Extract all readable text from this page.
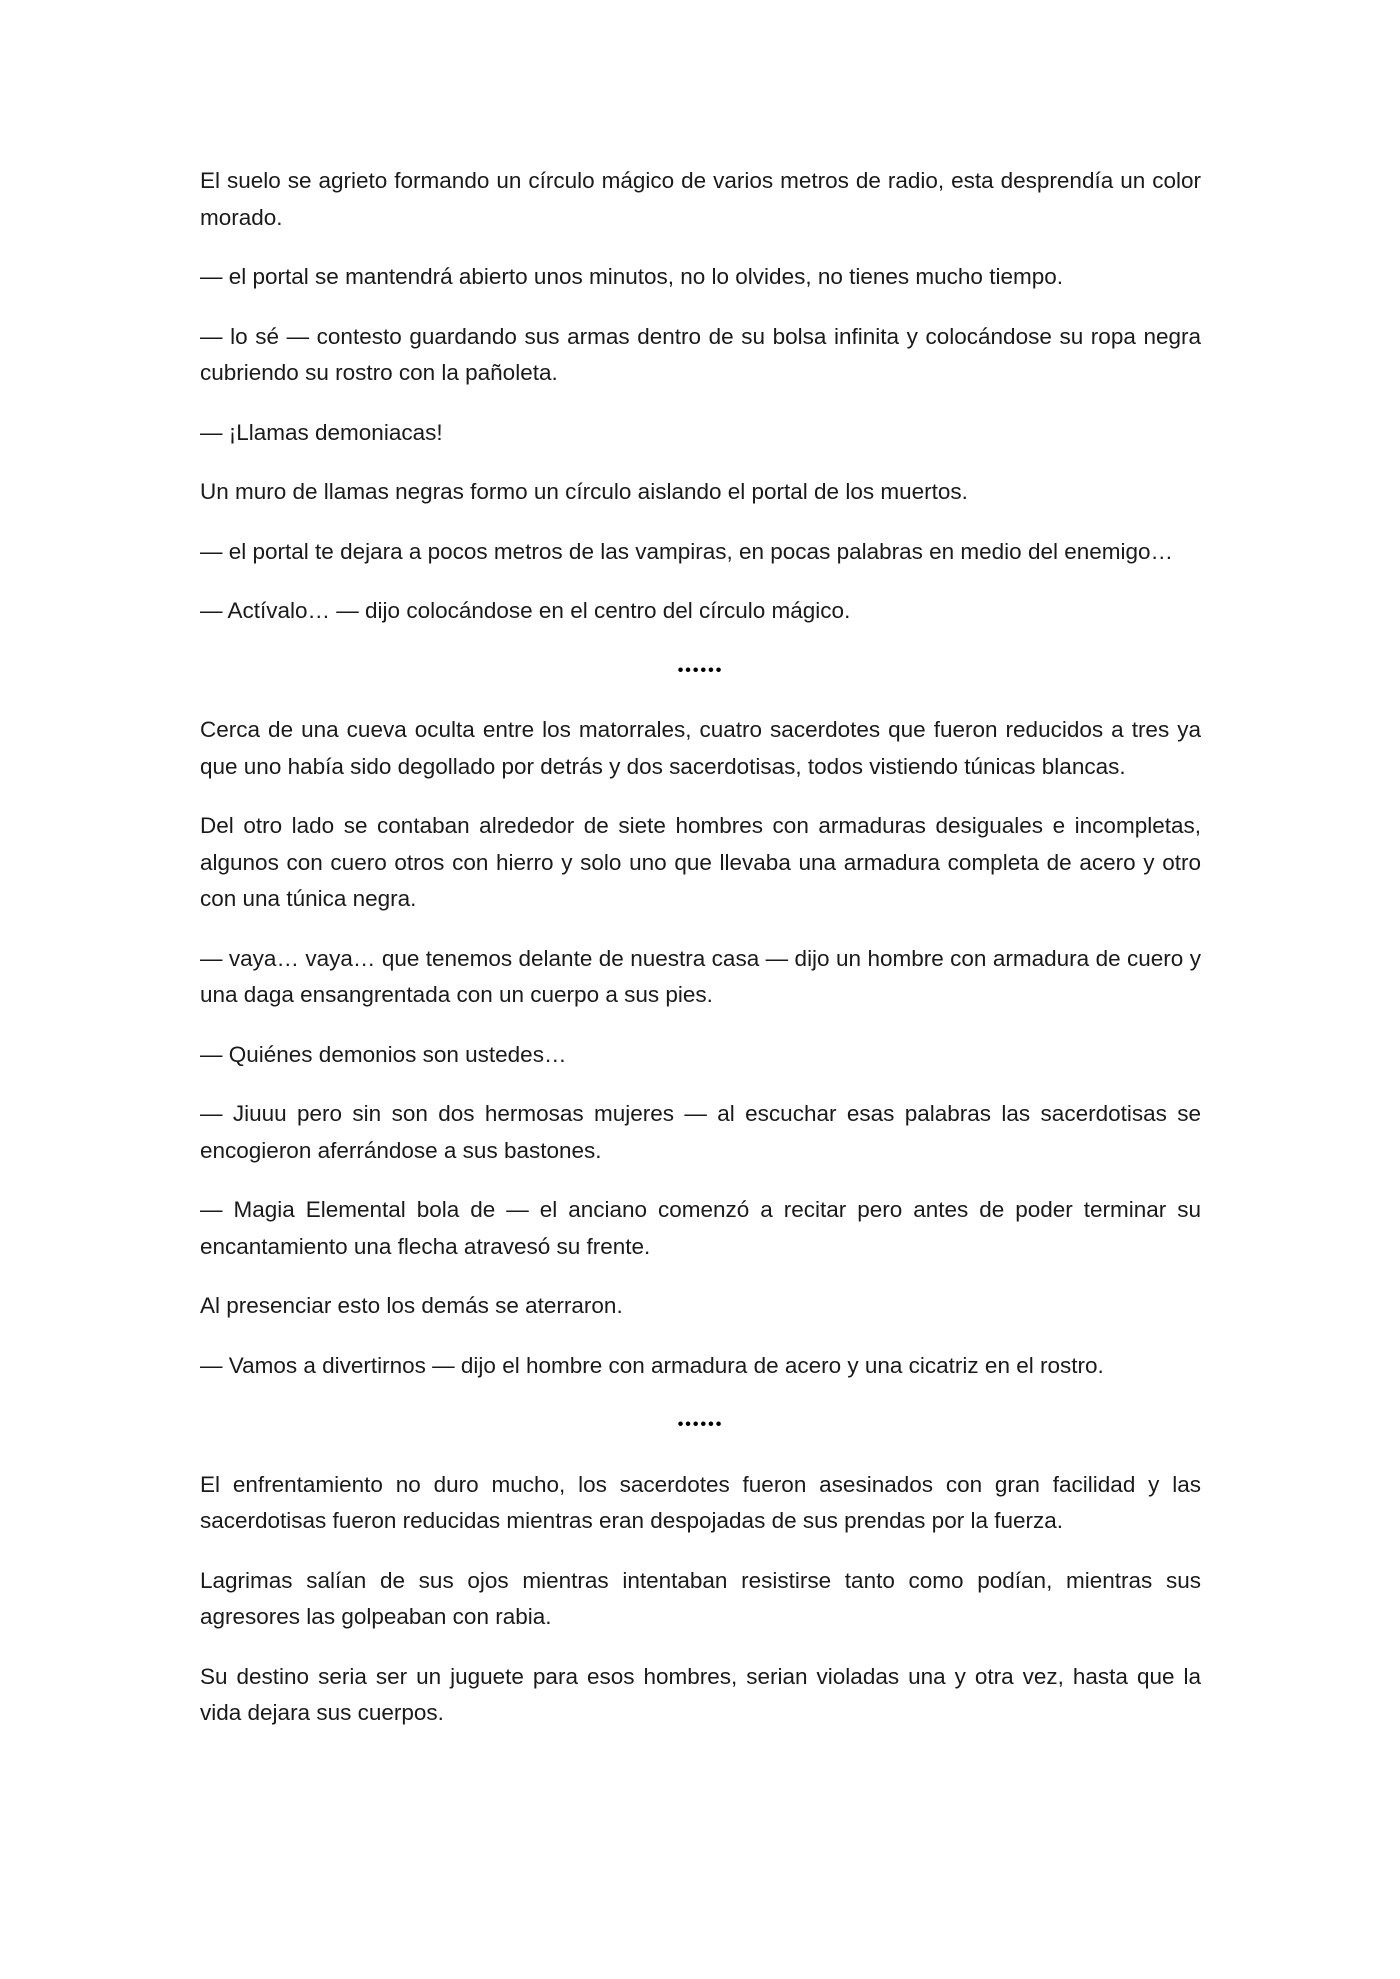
El suelo se agrieto formando un círculo mágico de varios metros de radio, esta desprendía un color morado.

— el portal se mantendrá abierto unos minutos, no lo olvides, no tienes mucho tiempo.

— lo sé — contesto guardando sus armas dentro de su bolsa infinita y colocándose su ropa negra cubriendo su rostro con la pañoleta.

— ¡Llamas demoniacas!

Un muro de llamas negras formo un círculo aislando el portal de los muertos.

— el portal te dejara a pocos metros de las vampiras, en pocas palabras en medio del enemigo…

— Actívalo… — dijo colocándose en el centro del círculo mágico.

••••••

Cerca de una cueva oculta entre los matorrales, cuatro sacerdotes que fueron reducidos a tres ya que uno había sido degollado por detrás y dos sacerdotisas, todos vistiendo túnicas blancas.

Del otro lado se contaban alrededor de siete hombres con armaduras desiguales e incompletas, algunos con cuero otros con hierro y solo uno que llevaba una armadura completa de acero y otro con una túnica negra.

— vaya… vaya… que tenemos delante de nuestra casa — dijo un hombre con armadura de cuero y una daga ensangrentada con un cuerpo a sus pies.

— Quiénes demonios son ustedes…

— Jiuuu pero sin son dos hermosas mujeres — al escuchar esas palabras las sacerdotisas se encogieron aferrándose a sus bastones.

— Magia Elemental bola de — el anciano comenzó a recitar pero antes de poder terminar su encantamiento una flecha atravesó su frente.

Al presenciar esto los demás se aterraron.

— Vamos a divertirnos — dijo el hombre con armadura de acero y una cicatriz en el rostro.

••••••

El enfrentamiento no duro mucho, los sacerdotes fueron asesinados con gran facilidad y las sacerdotisas fueron reducidas mientras eran despojadas de sus prendas por la fuerza.

Lagrimas salían de sus ojos mientras intentaban resistirse tanto como podían, mientras sus agresores las golpeaban con rabia.

Su destino seria ser un juguete para esos hombres, serian violadas una y otra vez, hasta que la vida dejara sus cuerpos.
